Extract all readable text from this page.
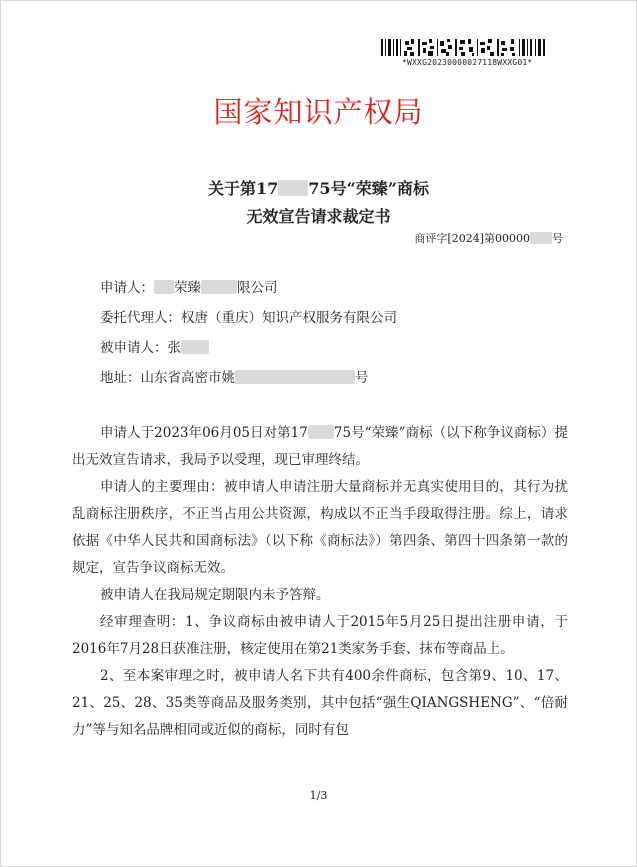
*WXXG20230000027118WXXG01*
国家知识产权局
关于第17 75号“荣臻”商标
无效宣告请求裁定书
商评字[2024]第00000 号
申请人： 荣臻	限公司
委托代理人：权唐（重庆）知识产权服务有限公司
被申请人：张
地址：山东省高密市姚	号

申请人于2023年06月05日对第17 75号“荣臻”商标（以下称争议商标）提出无效宣告请求，我局予以受理，现已审理终结。

申请人的主要理由：被申请人申请注册大量商标并无真实使用目的，其行为扰乱商标注册秩序，不正当占用公共资源，构成以不正当手段取得注册。综上，请求依据《中华人民共和国商标法》（以下称《商标法》）第四条、第四十四条第一款的规定，宣告争议商标无效。

被申请人在我局规定期限内未予答辩。

经审理查明：1、争议商标由被申请人于2015年5月25日提出注册申请，于2016年7月28日获准注册，核定使用在第21类家务手套、抹布等商品上。

2、至本案审理之时，被申请人名下共有400余件商标，包含第9、10、17、21、25、28、35类等商品及服务类别，其中包括“强生QIANGSHENG”、“倍耐力”等与知名品牌相同或近似的商标，同时有包

1/3
